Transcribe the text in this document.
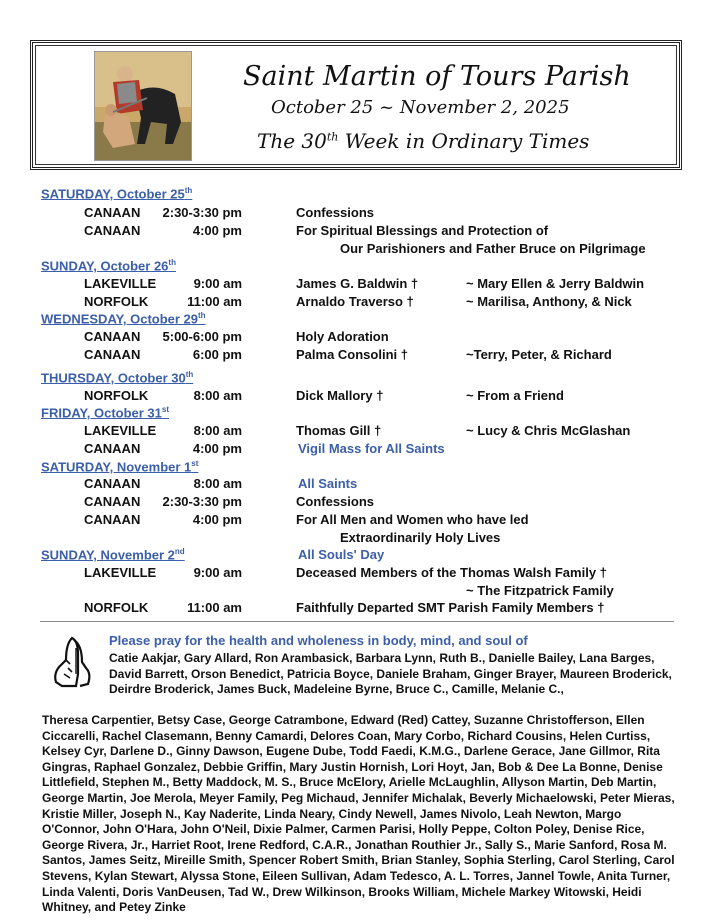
Saint Martin of Tours Parish
October 25 ~ November 2, 2025
The 30th Week in Ordinary Times
SATURDAY, October 25th
CANAAN 2:30-3:30 pm	Confessions
CANAAN	4:00 pm	For Spiritual Blessings and Protection of
Our Parishioners and Father Bruce on Pilgrimage
SUNDAY, October 26th
LAKEVILLE	9:00 am	James G. Baldwin †	~ Mary Ellen & Jerry Baldwin
NORFOLK	11:00 am	Arnaldo Traverso †	~ Marilisa, Anthony, & Nick
WEDNESDAY, October 29th
CANAAN 5:00-6:00 pm	Holy Adoration
CANAAN	6:00 pm	Palma Consolini †	~Terry, Peter, & Richard
THURSDAY, October 30th
NORFOLK	8:00 am	Dick Mallory †	~ From a Friend
FRIDAY, October 31st
LAKEVILLE	8:00 am	Thomas Gill †	~ Lucy & Chris McGlashan
CANAAN	4:00 pm	Vigil Mass for All Saints
SATURDAY, November 1st
CANAAN	8:00 am	All Saints
CANAAN 2:30-3:30 pm	Confessions
CANAAN	4:00 pm	For All Men and Women who have led
Extraordinarily Holy Lives
SUNDAY, November 2nd	All Souls' Day
LAKEVILLE	9:00 am	Deceased Members of the Thomas Walsh Family †
~ The Fitzpatrick Family
NORFOLK	11:00 am	Faithfully Departed SMT Parish Family Members †
Please pray for the health and wholeness in body, mind, and soul of
Catie Aakjar, Gary Allard, Ron Arambasick, Barbara Lynn, Ruth B., Danielle Bailey, Lana Barges, David Barrett, Orson Benedict, Patricia Boyce, Daniele Braham, Ginger Brayer, Maureen Broderick, Deirdre Broderick, James Buck, Madeleine Byrne, Bruce C., Camille, Melanie C.,
Theresa Carpentier, Betsy Case, George Catrambone, Edward (Red) Cattey, Suzanne Christofferson, Ellen Ciccarelli, Rachel Clasemann, Benny Camardi, Delores Coan, Mary Corbo, Richard Cousins, Helen Curtiss, Kelsey Cyr, Darlene D., Ginny Dawson, Eugene Dube, Todd Faedi, K.M.G., Darlene Gerace, Jane Gillmor, Rita Gingras, Raphael Gonzalez, Debbie Griffin, Mary Justin Hornish, Lori Hoyt, Jan, Bob & Dee La Bonne, Denise Littlefield, Stephen M., Betty Maddock, M. S., Bruce McElory, Arielle McLaughlin, Allyson Martin, Deb Martin, George Martin, Joe Merola, Meyer Family, Peg Michaud, Jennifer Michalak, Beverly Michaelowski, Peter Mieras, Kristie Miller, Joseph N., Kay Naderite, Linda Neary, Cindy Newell, James Nivolo, Leah Newton, Margo O'Connor, John O'Hara, John O'Neil, Dixie Palmer, Carmen Parisi, Holly Peppe, Colton Poley, Denise Rice, George Rivera, Jr., Harriet Root, Irene Redford, C.A.R., Jonathan Routhier Jr., Sally S., Marie Sanford, Rosa M. Santos, James Seitz, Mireille Smith, Spencer Robert Smith, Brian Stanley, Sophia Sterling, Carol Sterling, Carol Stevens, Kylan Stewart, Alyssa Stone, Eileen Sullivan, Adam Tedesco, A. L. Torres, Jannel Towle, Anita Turner, Linda Valenti, Doris VanDeusen, Tad W., Drew Wilkinson, Brooks William, Michele Markey Witowski, Heidi Whitney, and Petey Zinke
